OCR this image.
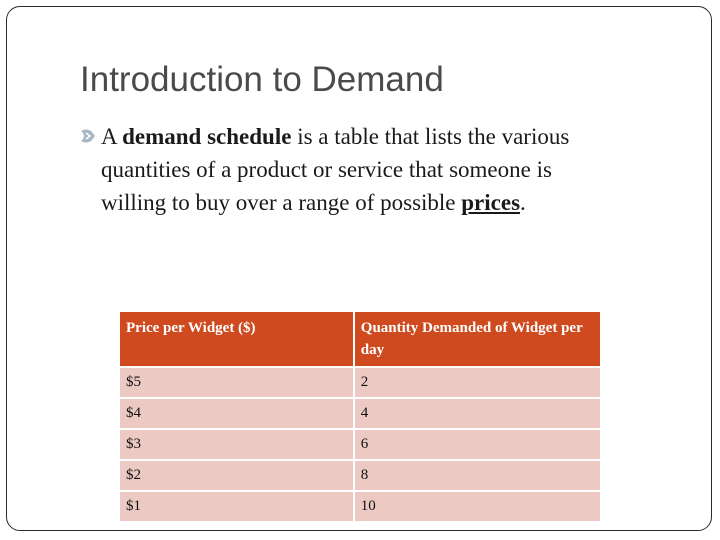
Introduction to Demand
A demand schedule is a table that lists the various
quantities of a product or service that someone is
willing to buy over a range of possible prices.
Price per Widget ($)	Quantity Demanded of Widget per day
$5	2
$4	4
$3	6
$2	8
$1	10
